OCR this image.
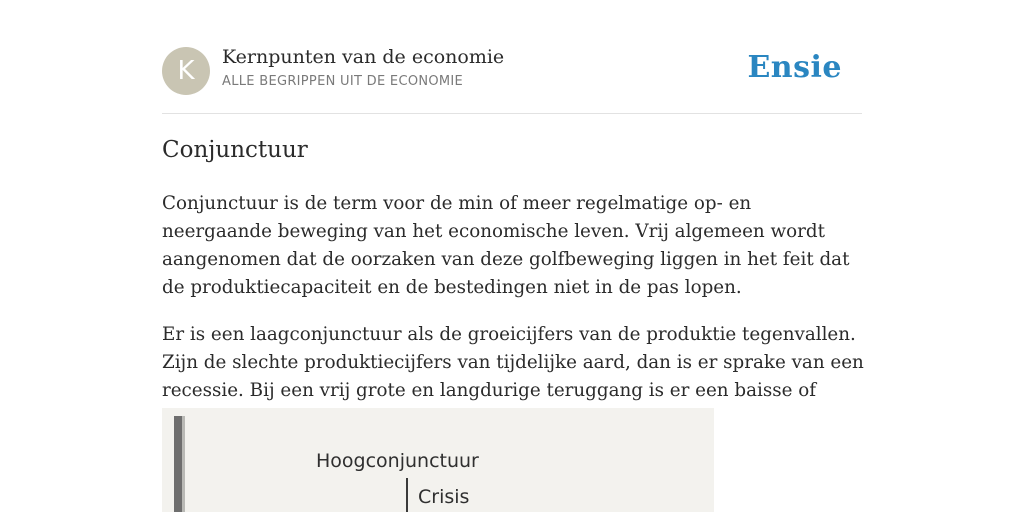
K	Kernpunten van de economie
ALLE BEGRIPPEN UIT DE ECONOMIE	Ensie
Conjunctuur

Conjunctuur is de term voor de min of meer regelmatige op- en neergaande beweging van het economische leven. Vrij algemeen wordt aangenomen dat de oorzaken van deze golfbeweging liggen in het feit dat de produktiecapaciteit en de bestedingen niet in de pas lopen.

Er is een laagconjunctuur als de groeicijfers van de produktie tegenvallen. Zijn de slechte produktiecijfers van tijdelijke aard, dan is er sprake van een recessie. Bij een vrij grote en langdurige teruggang is er een baisse of

Hoogconjunctuur
Crisis
